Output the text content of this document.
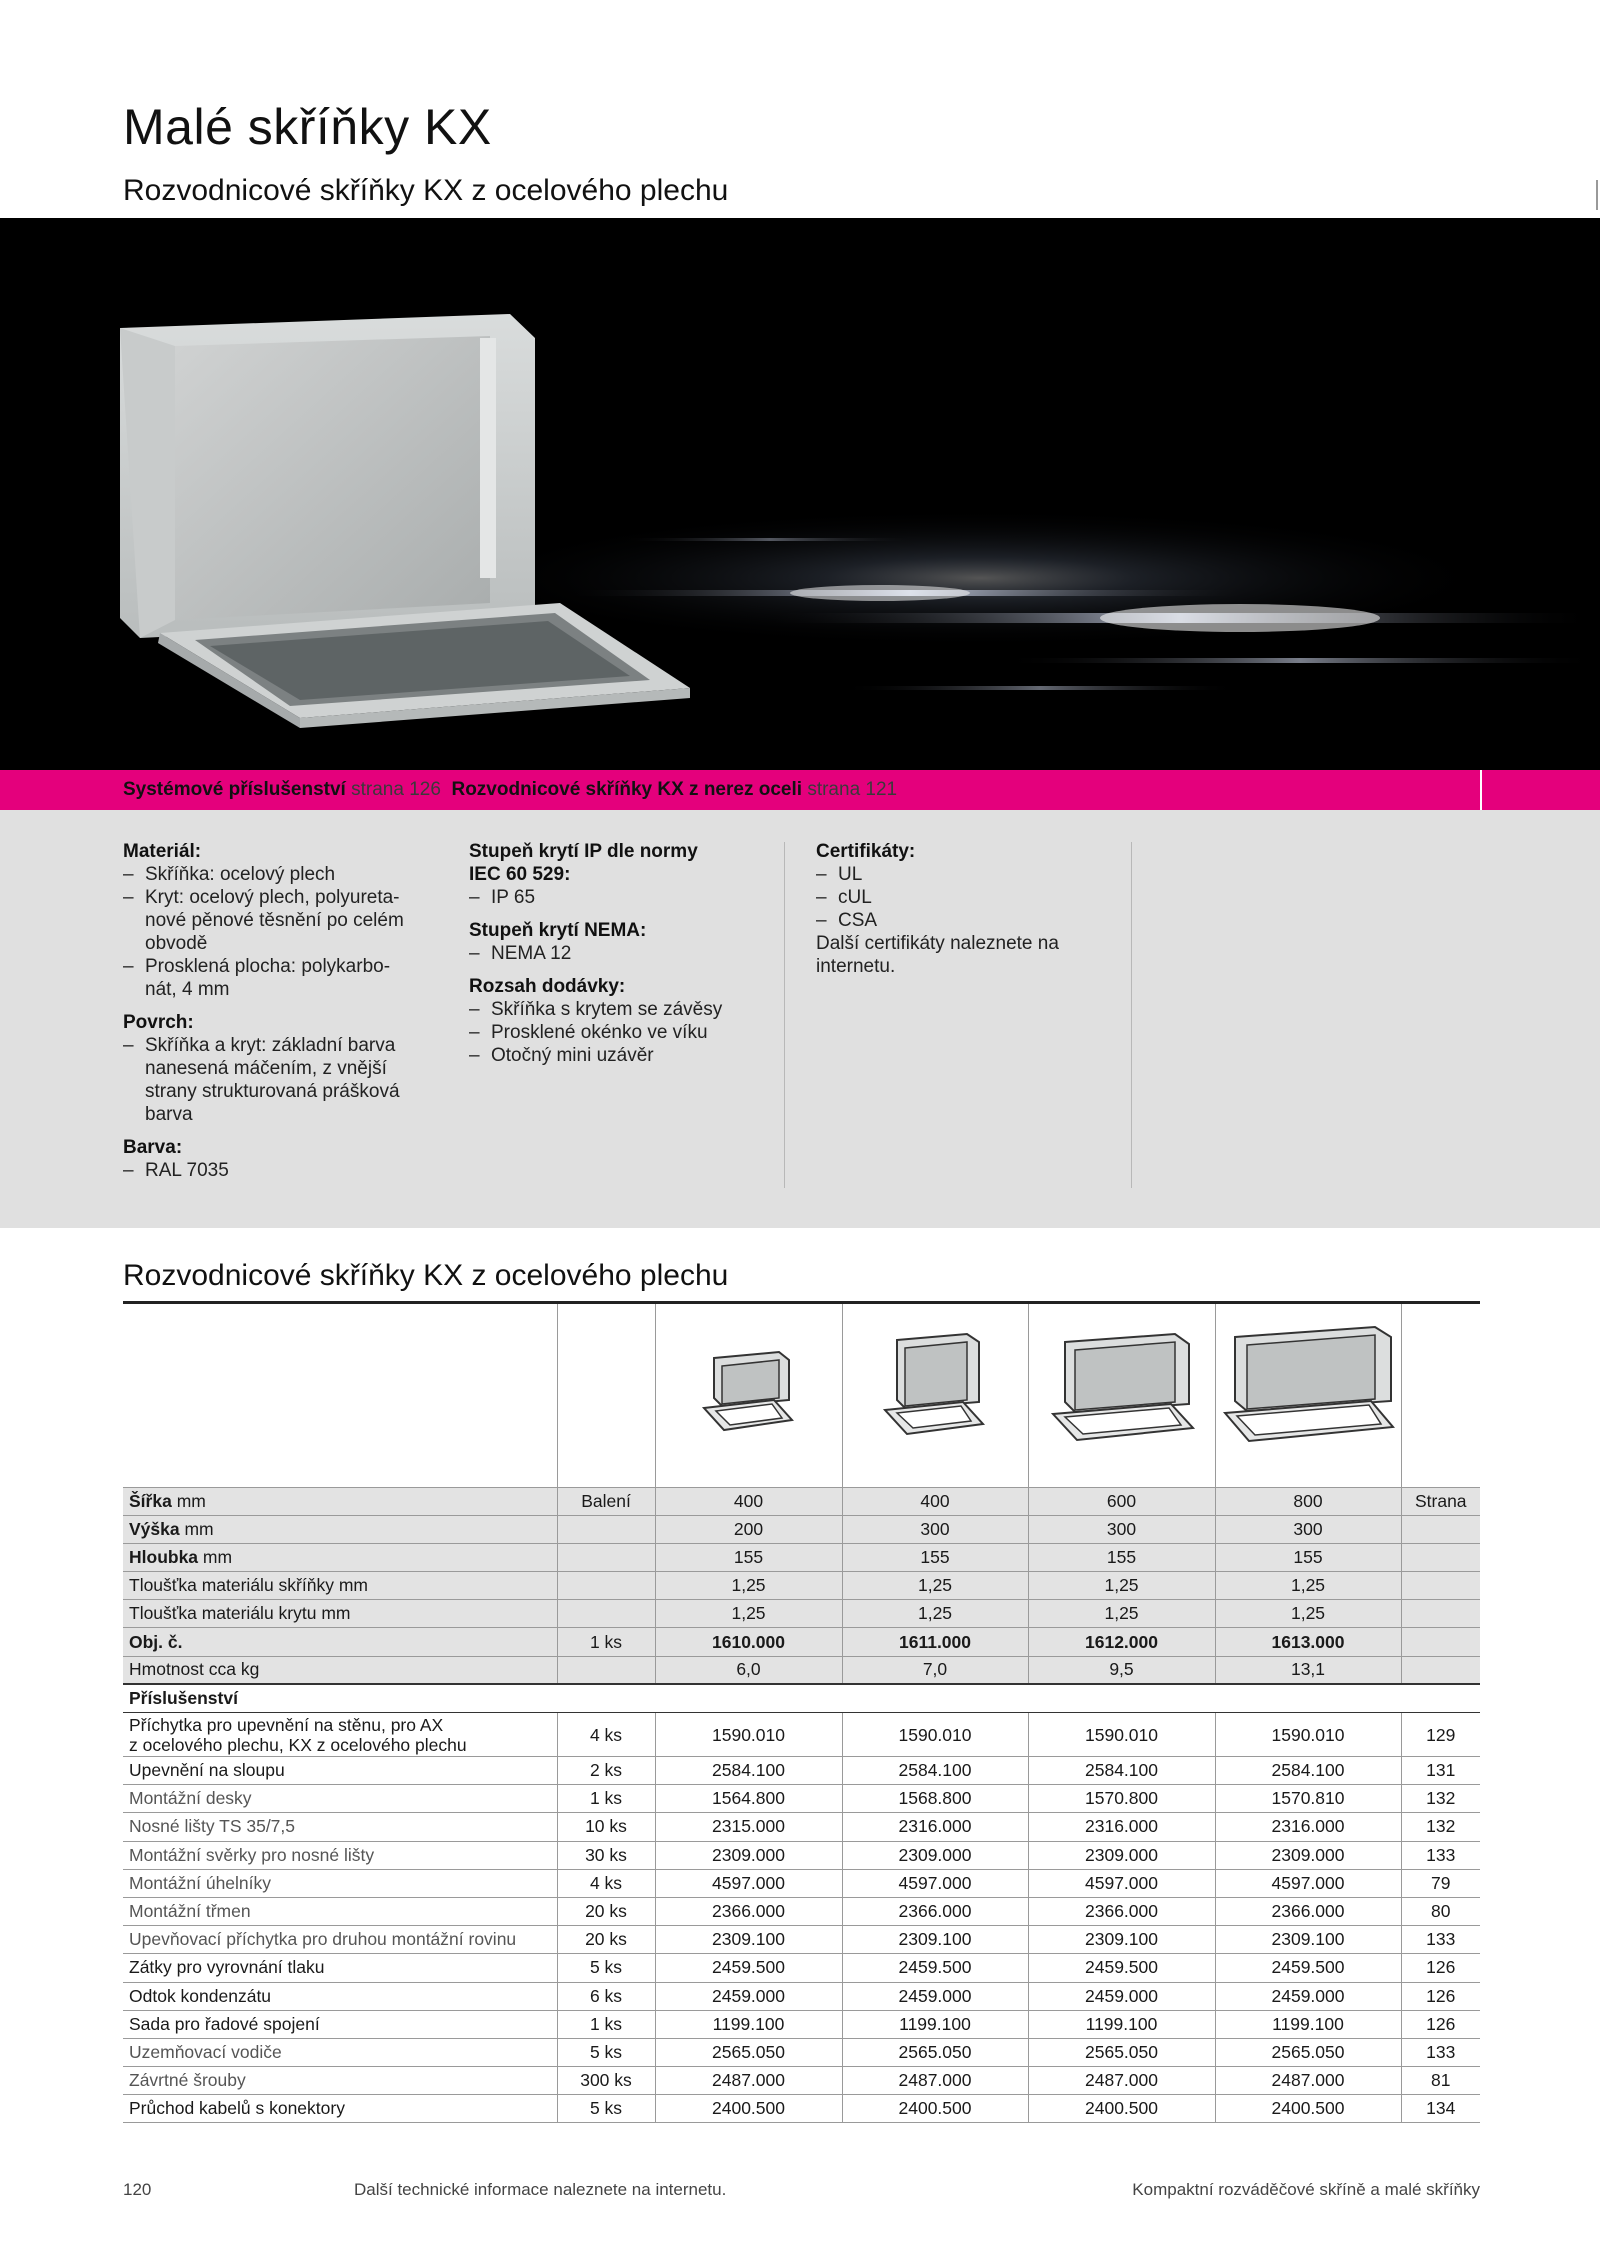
Malé skříňky KX
Rozvodnicové skříňky KX z ocelového plechu
Systémové příslušenství strana 126 Rozvodnicové skříňky KX z nerez oceli strana 121
Materiál:
– Skříňka: ocelový plech
– Kryt: ocelový plech, polyureta-
nové pěnové těsnění po celém
obvodě
– Prosklená plocha: polykarbo-
nát, 4 mm
Povrch:
– Skříňka a kryt: základní barva
nanesená máčením, z vnější
strany strukturovaná prášková
barva
Barva:
– RAL 7035
Stupeň krytí IP dle normy
IEC 60 529:
– IP 65
Stupeň krytí NEMA:
– NEMA 12
Rozsah dodávky:
– Skříňka s krytem se závěsy
– Prosklené okénko ve víku
– Otočný mini uzávěr
Certifikáty:
– UL
– cUL
– CSA
Další certifikáty naleznete na
internetu.
Rozvodnicové skříňky KX z ocelového plechu

Šířka mm	Balení	400	400	600	800	Strana
Výška mm		200	300	300	300	
Hloubka mm		155	155	155	155	
Tloušťka materiálu skříňky mm		1,25	1,25	1,25	1,25	
Tloušťka materiálu krytu mm		1,25	1,25	1,25	1,25	
Obj. č.	1 ks	1610.000	1611.000	1612.000	1613.000	
Hmotnost cca kg		6,0	7,0	9,5	13,1	
Příslušenství						

Příchytka pro upevnění na stěnu, pro AX
z ocelového plechu, KX z ocelového plechu	4 ks	1590.010	1590.010	1590.010	1590.010	129

Upevnění na sloupu	2 ks	2584.100	2584.100	2584.100	2584.100	131

Montážní desky	1 ks	1564.800	1568.800	1570.800	1570.810	132

Nosné lišty TS 35/7,5	10 ks	2315.000	2316.000	2316.000	2316.000	132

Montážní svěrky pro nosné lišty	30 ks	2309.000	2309.000	2309.000	2309.000	133

Montážní úhelníky	4 ks	4597.000	4597.000	4597.000	4597.000	79

Montážní třmen	20 ks	2366.000	2366.000	2366.000	2366.000	80

Upevňovací příchytka pro druhou montážní rovinu	20 ks	2309.100	2309.100	2309.100	2309.100	133

Zátky pro vyrovnání tlaku	5 ks	2459.500	2459.500	2459.500	2459.500	126

Odtok kondenzátu	6 ks	2459.000	2459.000	2459.000	2459.000	126

Sada pro řadové spojení	1 ks	1199.100	1199.100	1199.100	1199.100	126

Uzemňovací vodiče	5 ks	2565.050	2565.050	2565.050	2565.050	133

Závrtné šrouby	300 ks	2487.000	2487.000	2487.000	2487.000	81

Průchod kabelů s konektory	5 ks	2400.500	2400.500	2400.500	2400.500	134
120	Další technické informace naleznete na internetu.	Kompaktní rozváděčové skříně a malé skříňky
